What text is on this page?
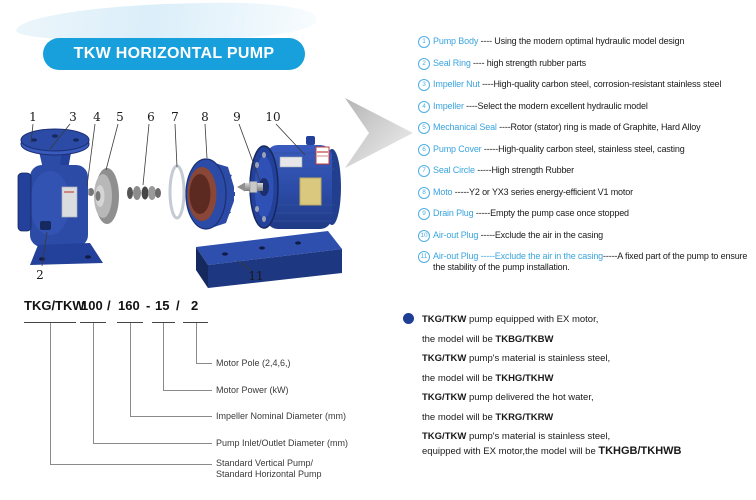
TKW HORIZONTAL PUMP
1	3 4 5 6 7 8 9 10
2	11
1 Pump Body ---- Using the modern optimal hydraulic model design
2 Seal Ring ---- high strength rubber parts
3 Impeller Nut ----High-quality carbon steel, corrosion-resistant stainless steel
4 Impeller ----Select the modern excellent hydraulic model
5 Mechanical Seal ----Rotor (stator) ring is made of Graphite, Hard Alloy
6 Pump Cover -----High-quality carbon steel, stainless steel, casting
7 Seal Circle -----High strength Rubber
8 Moto -----Y2 or YX3 series energy-efficient V1 motor
9 Drain Plug -----Empty the pump case once stopped
10 Air-out Plug -----Exclude the air in the casing
11 Air-out Plug -----Exclude the air in the casing-----A fixed part of the pump to ensure the stability of the pump installation.
TKG/TKW
100 / 160 - 15 / 2
Motor Pole (2,4,6,)
Motor Power (kW)
Impeller Nominal Diameter (mm)
Pump Inlet/Outlet Diameter (mm)
Standard Vertical Pump/
Standard Horizontal Pump
TKG/TKW pump equipped with EX motor,
the model will be TKBG/TKBW
TKG/TKW pump's material is stainless steel,
the model will be TKHG/TKHW
TKG/TKW pump delivered the hot water,
the model will be TKRG/TKRW
TKG/TKW pump's material is stainless steel,
equipped with EX motor,the model will be TKHGB/TKHWB
